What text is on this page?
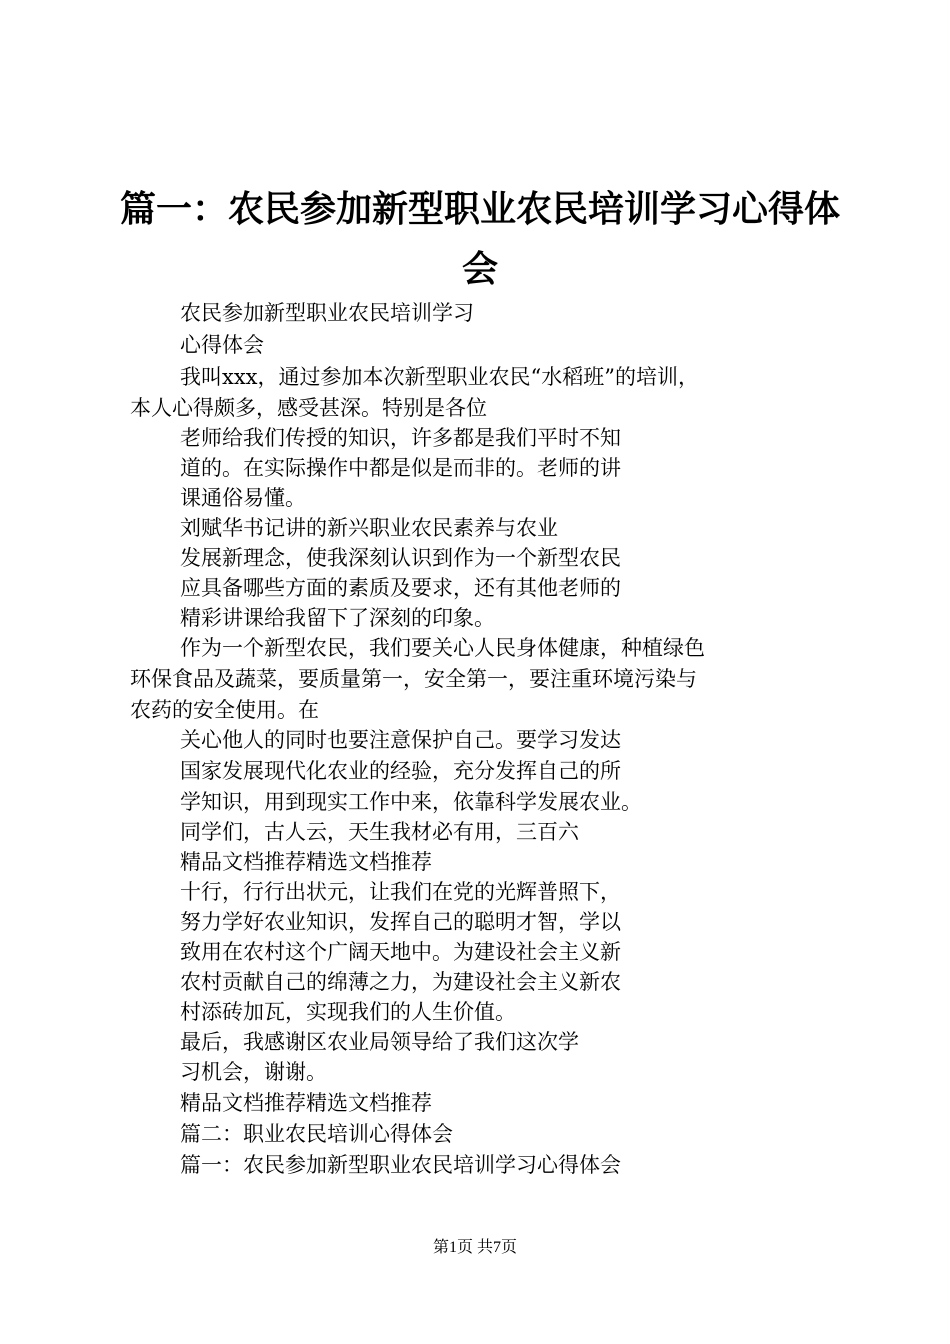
篇一：农民参加新型职业农民培训学习心得体
会

农民参加新型职业农民培训学习

心得体会

我叫xxx，通过参加本次新型职业农民“水稻班”的培训，

本人心得颇多，感受甚深。特别是各位

老师给我们传授的知识，许多都是我们平时不知

道的。在实际操作中都是似是而非的。老师的讲

课通俗易懂。

刘赋华书记讲的新兴职业农民素养与农业

发展新理念，使我深刻认识到作为一个新型农民

应具备哪些方面的素质及要求，还有其他老师的

精彩讲课给我留下了深刻的印象。

作为一个新型农民，我们要关心人民身体健康，种植绿色

环保食品及蔬菜，要质量第一，安全第一，要注重环境污染与

农药的安全使用。在

关心他人的同时也要注意保护自己。要学习发达

国家发展现代化农业的经验，充分发挥自己的所

学知识，用到现实工作中来，依靠科学发展农业。

同学们，古人云，天生我材必有用，三百六

精品文档推荐精选文档推荐

十行，行行出状元，让我们在党的光辉普照下，

努力学好农业知识，发挥自己的聪明才智，学以

致用在农村这个广阔天地中。为建设社会主义新

农村贡献自己的绵薄之力，为建设社会主义新农

村添砖加瓦，实现我们的人生价值。

最后，我感谢区农业局领导给了我们这次学

习机会，谢谢。

精品文档推荐精选文档推荐

篇二：职业农民培训心得体会

篇一：农民参加新型职业农民培训学习心得体会

第1页 共7页
